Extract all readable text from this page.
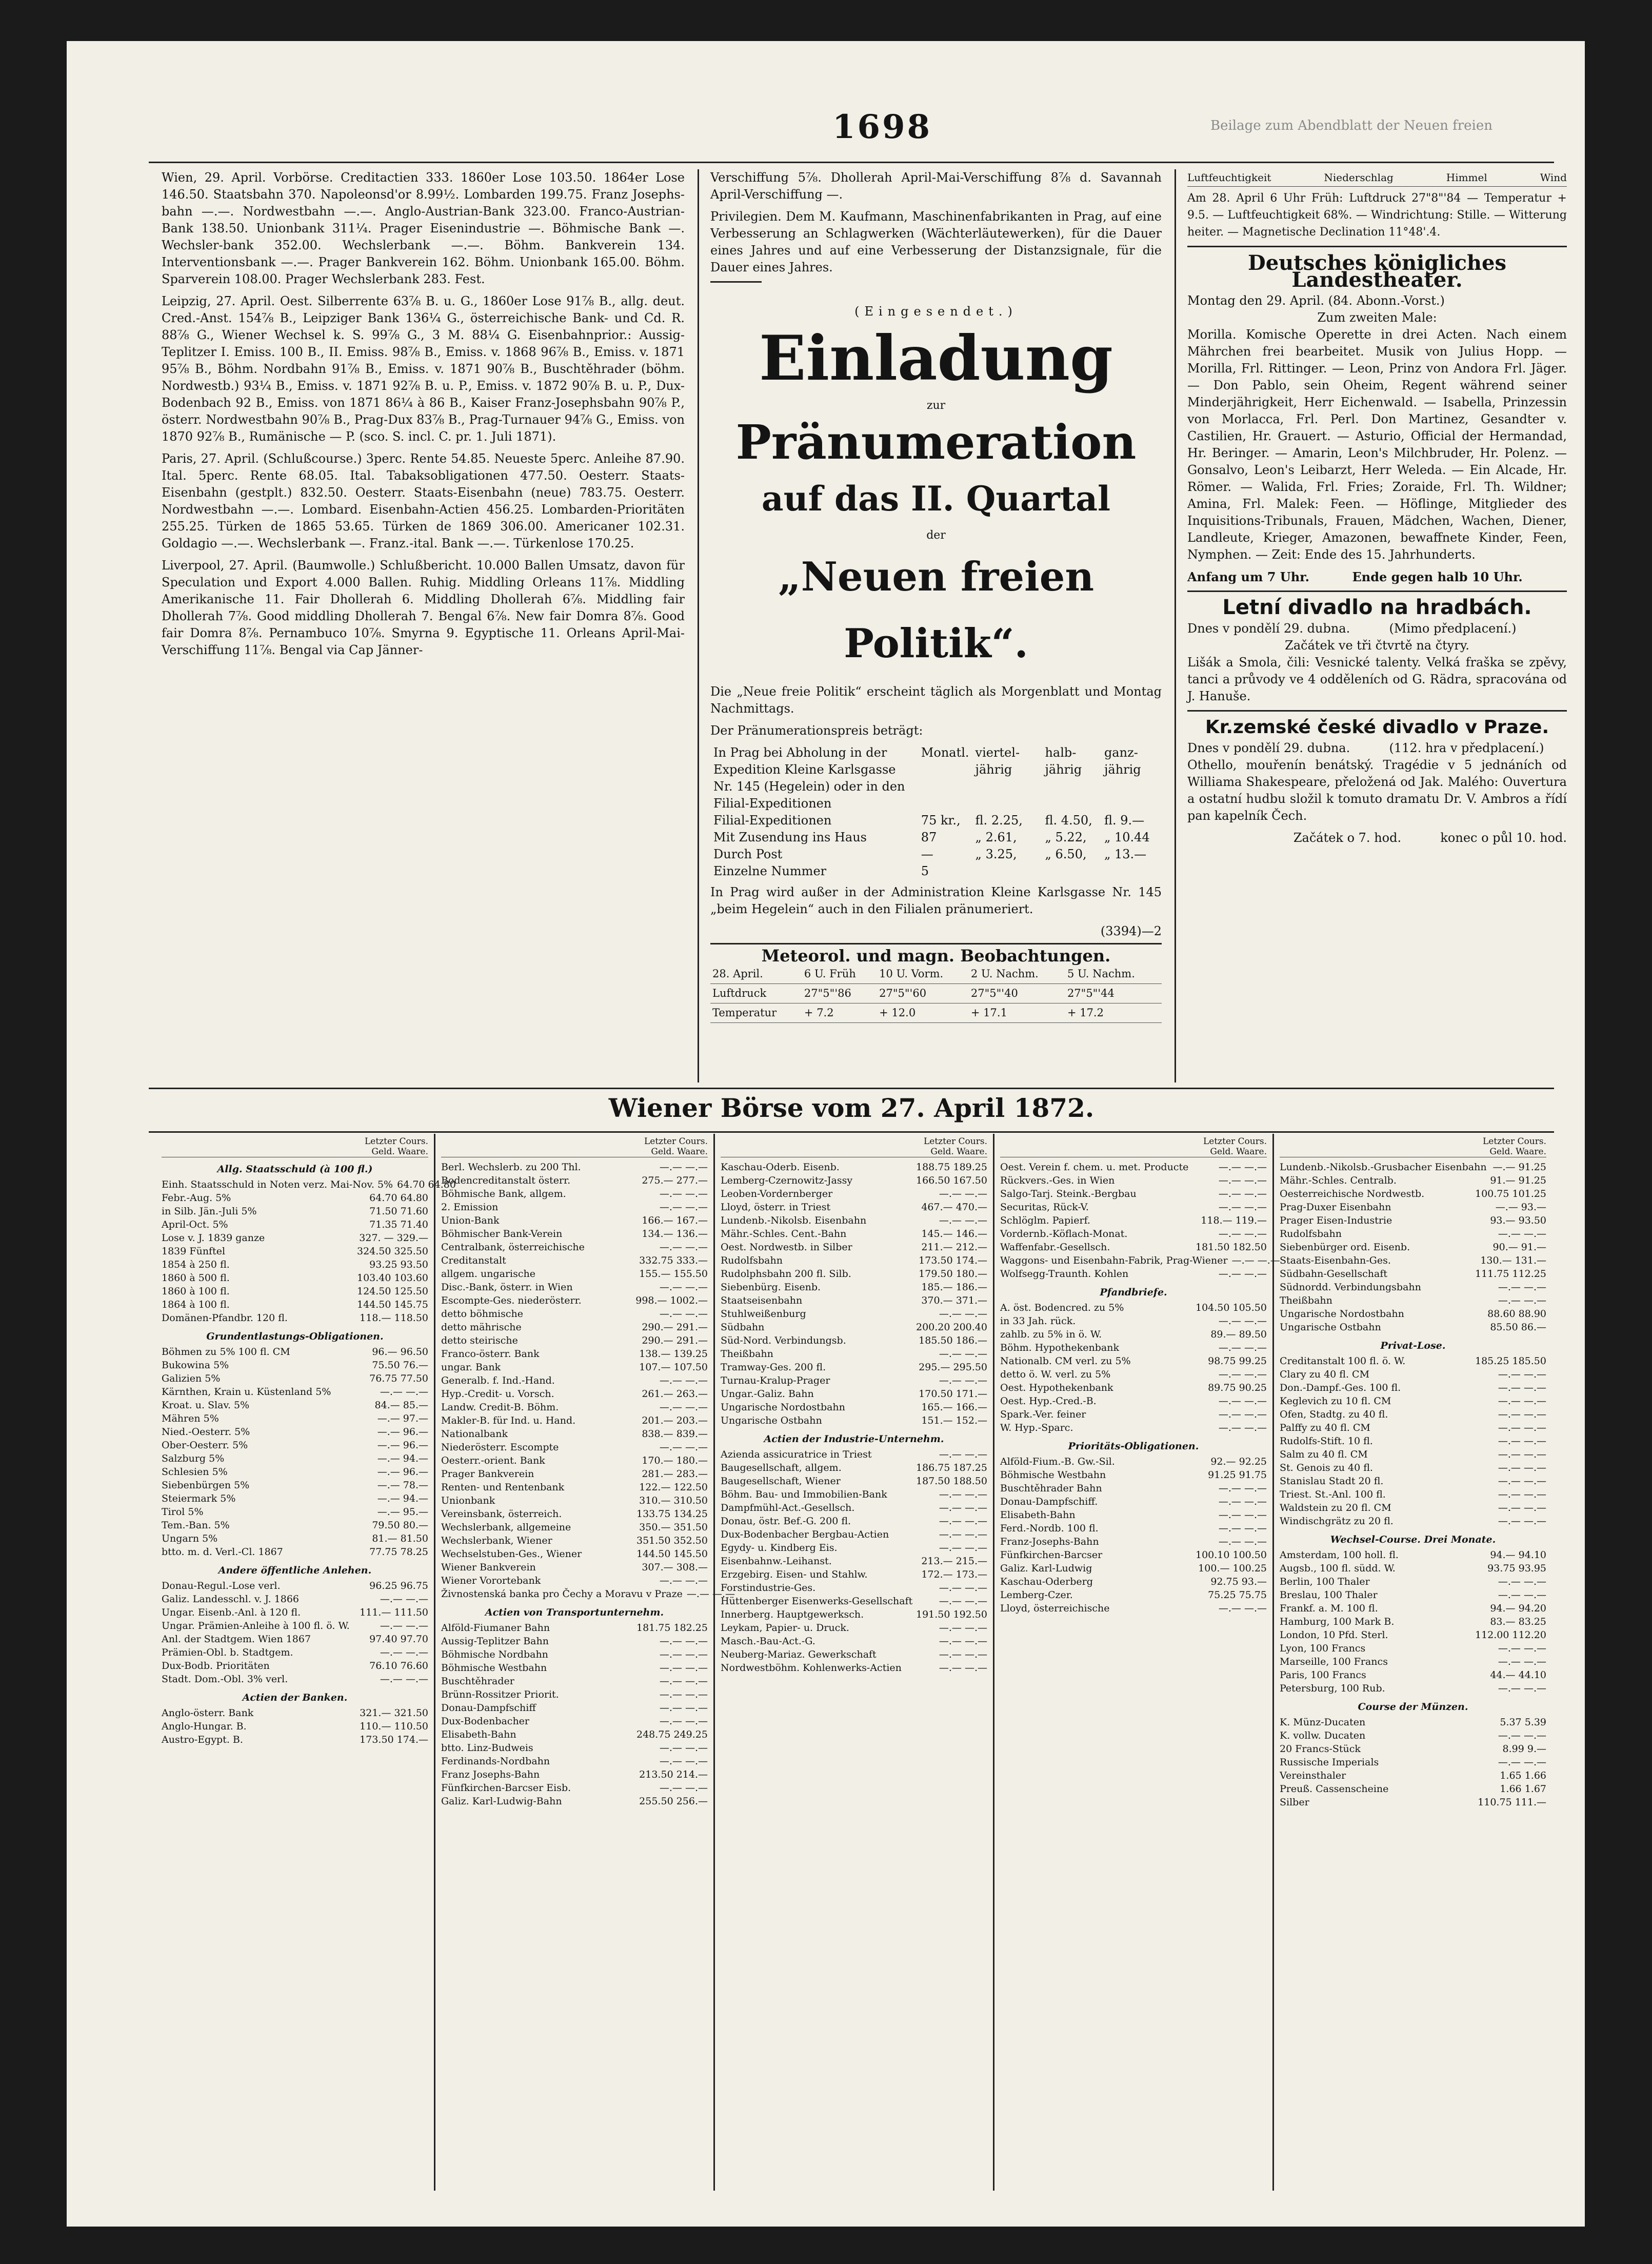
1698	Beilage zum Abendblatt der Neuen freien

Wien, 29. April. Vorbörse. Creditactien 333. 1860er Lose 103.50. 1864er Lose 146.50. Staatsbahn 370. Napoleonsd'or 8.99½. Lombarden 199.75. Franz Josephs-bahn —.—. Nordwestbahn —.—. Anglo-Austrian-Bank 323.00. Franco-Austrian-Bank 138.50. Unionbank 311¼. Prager Eisenindustrie —. Böhmische Bank —. Wechsler-bank 352.00. Wechslerbank —.—. Böhm. Bankverein 134. Interventionsbank —.—. Prager Bankverein 162. Böhm. Unionbank 165.00. Böhm. Sparverein 108.00. Prager Wechslerbank 283. Fest.

Leipzig, 27. April. Oest. Silberrente 63⅞ B. u. G., 1860er Lose 91⅞ B., allg. deut. Cred.-Anst. 154⅞ B., Leipziger Bank 136¼ G., österreichische Bank- und Cd. R. 88⅞ G., Wiener Wechsel k. S. 99⅞ G., 3 M. 88¼ G. Eisenbahnprior.: Aussig-Teplitzer I. Emiss. 100 B., II. Emiss. 98⅞ B., Emiss. v. 1868 96⅞ B., Emiss. v. 1871 95⅞ B., Böhm. Nordbahn 91⅞ B., Emiss. v. 1871 90⅞ B., Buschtěhrader (böhm. Nordwestb.) 93¼ B., Emiss. v. 1871 92⅞ B. u. P., Emiss. v. 1872 90⅞ B. u. P., Dux-Bodenbach 92 B., Emiss. von 1871 86¼ à 86 B., Kaiser Franz-Josephsbahn 90⅞ P., österr. Nordwestbahn 90⅞ B., Prag-Dux 83⅞ B., Prag-Turnauer 94⅞ G., Emiss. von 1870 92⅞ B., Rumänische — P. (sco. S. incl. C. pr. 1. Juli 1871).

Paris, 27. April. (Schlußcourse.) 3perc. Rente 54.85. Neueste 5perc. Anleihe 87.90. Ital. 5perc. Rente 68.05. Ital. Tabaksobligationen 477.50. Oesterr. Staats-Eisenbahn (gestplt.) 832.50. Oesterr. Staats-Eisenbahn (neue) 783.75. Oesterr. Nordwestbahn —.—. Lombard. Eisenbahn-Actien 456.25. Lombarden-Prioritäten 255.25. Türken de 1865 53.65. Türken de 1869 306.00. Americaner 102.31. Goldagio —.—. Wechslerbank —. Franz.-ital. Bank —.—. Türkenlose 170.25.

Liverpool, 27. April. (Baumwolle.) Schlußbericht. 10.000 Ballen Umsatz, davon für Speculation und Export 4.000 Ballen. Ruhig. Middling Orleans 11⅞. Middling Amerikanische 11. Fair Dhollerah 6. Middling Dhollerah 6⅞. Middling fair Dhollerah 7⅞. Good middling Dhollerah 7. Bengal 6⅞. New fair Domra 8⅞. Good fair Domra 8⅞. Pernambuco 10⅞. Smyrna 9. Egyptische 11. Orleans April-Mai-Verschiffung 11⅞. Bengal via Cap Jänner-

Verschiffung 5⅞. Dhollerah April-Mai-Verschiffung 8⅞ d. Savannah April-Verschiffung —.

Privilegien. Dem M. Kaufmann, Maschinenfabrikanten in Prag, auf eine Verbesserung an Schlagwerken (Wächterläutewerken), für die Dauer eines Jahres und auf eine Verbesserung der Distanzsignale, für die Dauer eines Jahres.

(Eingesendet.)
Einladung
zur
Pränumeration
auf das II. Quartal
der
„Neuen freien Politik“.

Die „Neue freie Politik“ erscheint täglich als Morgenblatt und Montag Nachmittags.

Der Pränumerationspreis beträgt:

In Prag bei Abholung in der Expedition Kleine Karlsgasse Nr. 145 (Hegelein) oder in den Filial-Expeditionen	Monatl.	viertel-jährig	halb-jährig	ganz-jährig
Filial-Expeditionen	75 kr.,	fl. 2.25,	fl. 4.50,	fl. 9.—
Mit Zusendung ins Haus	87	„ 2.61,	„ 5.22,	„ 10.44
Durch Post	—	„ 3.25,	„ 6.50,	„ 13.—
Einzelne Nummer	5			

In Prag wird außer in der Administration Kleine Karlsgasse Nr. 145 „beim Hegelein“ auch in den Filialen pränumeriert.

(3394)—2
Meteorol. und magn. Beobachtungen.
28. April.	6 U. Früh	10 U. Vorm.	2 U. Nachm.	5 U. Nachm.
Luftdruck	27"5"'86	27"5"'60	27"5"'40	27"5"'44
Temperatur	+ 7.2	+ 12.0	+ 17.1	+ 17.2
Luftfeuchtigkeit	Niederschlag	Himmel	Wind

Am 28. April 6 Uhr Früh: Luftdruck 27"8"'84 — Temperatur + 9.5. — Luftfeuchtigkeit 68%. — Windrichtung: Stille. — Witterung heiter. — Magnetische Declination 11°48'.4.

Deutsches königliches Landestheater.
Montag den 29. April. (84. Abonn.-Vorst.)
Zum zweiten Male:

Morilla. Komische Operette in drei Acten. Nach einem Mährchen frei bearbeitet. Musik von Julius Hopp. — Morilla, Frl. Rittinger. — Leon, Prinz von Andora Frl. Jäger. — Don Pablo, sein Oheim, Regent während seiner Minderjährigkeit, Herr Eichenwald. — Isabella, Prinzessin von Morlacca, Frl. Perl. Don Martinez, Gesandter v. Castilien, Hr. Grauert. — Asturio, Official der Hermandad, Hr. Beringer. — Amarin, Leon's Milchbruder, Hr. Polenz. — Gonsalvo, Leon's Leibarzt, Herr Weleda. — Ein Alcade, Hr. Römer. — Walida, Frl. Fries; Zoraide, Frl. Th. Wildner; Amina, Frl. Malek: Feen. — Höflinge, Mitglieder des Inquisitions-Tribunals, Frauen, Mädchen, Wachen, Diener, Landleute, Krieger, Amazonen, bewaffnete Kinder, Feen, Nymphen. — Zeit: Ende des 15. Jahrhunderts.

Anfang um 7 Uhr.          Ende gegen halb 10 Uhr.
Letní divadlo na hradbách.
Dnes v pondělí 29. dubna.          (Mimo předplacení.)
Začátek ve tři čtvrtě na čtyry.

Lišák a Smola, čili: Vesnické talenty. Velká fraška se zpěvy, tanci a průvody ve 4 odděleních od G. Rädra, spracována od J. Hanuše.

Kr.zemské české divadlo v Praze.
Dnes v pondělí 29. dubna.          (112. hra v předplacení.)

Othello, mouřenín benátský. Tragédie v 5 jednáních od Williama Shakespeare, přeložená od Jak. Malého: Ouvertura a ostatní hudbu složil k tomuto dramatu Dr. V. Ambros a řídí pan kapelník Čech.

Začátek o 7. hod.          konec o půl 10. hod.
Wiener Börse vom 27. April 1872.
Letzter Cours.
Geld. Waare.
Allg. Staatsschuld (à 100 fl.)
Einh. Staatsschuld in Noten verz. Mai-Nov. 5% 64.70 64.80
Febr.-Aug. 5%	64.70 64.80
in Silb. Jän.-Juli 5%	71.50 71.60
April-Oct. 5%	71.35 71.40
Lose v. J. 1839 ganze	327. — 329.—
1839 Fünftel	324.50 325.50
1854 à 250 fl.	93.25 93.50
1860 à 500 fl.	103.40 103.60
1860 à 100 fl.	124.50 125.50
1864 à 100 fl.	144.50 145.75
Domänen-Pfandbr. 120 fl.	118.— 118.50
Grundentlastungs-Obligationen.
Böhmen zu 5% 100 fl. CM	96.— 96.50
Bukowina 5%	75.50 76.—
Galizien 5%	76.75 77.50
Kärnthen, Krain u. Küstenland 5%	—.— —.—
Kroat. u. Slav. 5%	84.— 85.—
Mähren 5%	—.— 97.—
Nied.-Oesterr. 5%	—.— 96.—
Ober-Oesterr. 5%	—.— 96.—
Salzburg 5%	—.— 94.—
Schlesien 5%	—.— 96.—
Siebenbürgen 5%	—.— 78.—
Steiermark 5%	—.— 94.—
Tirol 5%	—.— 95.—
Tem.-Ban. 5%	79.50 80.—
Ungarn 5%	81.— 81.50
btto. m. d. Verl.-Cl. 1867	77.75 78.25
Andere öffentliche Anlehen.
Donau-Regul.-Lose verl.	96.25 96.75
Galiz. Landesschl. v. J. 1866	—.— —.—
Ungar. Eisenb.-Anl. à 120 fl.	111.— 111.50
Ungar. Prämien-Anleihe à 100 fl. ö. W.	—.— —.—
Anl. der Stadtgem. Wien 1867	97.40 97.70
Prämien-Obl. b. Stadtgem.	—.— —.—
Dux-Bodb. Prioritäten	76.10 76.60
Stadt. Dom.-Obl. 3% verl.	—.— —.—
Actien der Banken.
Anglo-österr. Bank	321.— 321.50
Anglo-Hungar. B.	110.— 110.50
Austro-Egypt. B.	173.50 174.—
Letzter Cours.
Geld. Waare.
Berl. Wechslerb. zu 200 Thl.	—.— —.—
Bodencreditanstalt österr.	275.— 277.—
Böhmische Bank, allgem.	—.— —.—
2. Emission	—.— —.—
Union-Bank	166.— 167.—
Böhmischer Bank-Verein	134.— 136.—
Centralbank, österreichische	—.— —.—
Creditanstalt	332.75 333.—
allgem. ungarische	155.— 155.50
Disc.-Bank, österr. in Wien	—.— —.—
Escompte-Ges. niederösterr.	998.— 1002.—
detto böhmische	—.— —.—
detto mährische	290.— 291.—
detto steirische	290.— 291.—
Franco-österr. Bank	138.— 139.25
ungar. Bank	107.— 107.50
Generalb. f. Ind.-Hand.	—.— —.—
Hyp.-Credit- u. Vorsch.	261.— 263.—
Landw. Credit-B. Böhm.	—.— —.—
Makler-B. für Ind. u. Hand.	201.— 203.—
Nationalbank	838.— 839.—
Niederösterr. Escompte	—.— —.—
Oesterr.-orient. Bank	170.— 180.—
Prager Bankverein	281.— 283.—
Renten- und Rentenbank	122.— 122.50
Unionbank	310.— 310.50
Vereinsbank, österreich.	133.75 134.25
Wechslerbank, allgemeine	350.— 351.50
Wechslerbank, Wiener	351.50 352.50
Wechselstuben-Ges., Wiener	144.50 145.50
Wiener Bankverein	307.— 308.—
Wiener Vorortebank	—.— —.—
Živnostenská banka pro Čechy a Moravu v Praze —.— —.—
Actien von Transportunternehm.
Alföld-Fiumaner Bahn	181.75 182.25
Aussig-Teplitzer Bahn	—.— —.—
Böhmische Nordbahn	—.— —.—
Böhmische Westbahn	—.— —.—
Buschtěhrader	—.— —.—
Brünn-Rossitzer Priorit.	—.— —.—
Donau-Dampfschiff	—.— —.—
Dux-Bodenbacher	—.— —.—
Elisabeth-Bahn	248.75 249.25
btto. Linz-Budweis	—.— —.—
Ferdinands-Nordbahn	—.— —.—
Franz Josephs-Bahn	213.50 214.—
Fünfkirchen-Barcser Eisb.	—.— —.—
Galiz. Karl-Ludwig-Bahn	255.50 256.—
Letzter Cours.
Geld. Waare.
Kaschau-Oderb. Eisenb.	188.75 189.25
Lemberg-Czernowitz-Jassy	166.50 167.50
Leoben-Vordernberger	—.— —.—
Lloyd, österr. in Triest	467.— 470.—
Lundenb.-Nikolsb. Eisenbahn	—.— —.—
Mähr.-Schles. Cent.-Bahn	145.— 146.—
Oest. Nordwestb. in Silber	211.— 212.—
Rudolfsbahn	173.50 174.—
Rudolphsbahn 200 fl. Silb.	179.50 180.—
Siebenbürg. Eisenb.	185.— 186.—
Staatseisenbahn	370.— 371.—
Stuhlweißenburg	—.— —.—
Südbahn	200.20 200.40
Süd-Nord. Verbindungsb.	185.50 186.—
Theißbahn	—.— —.—
Tramway-Ges. 200 fl.	295.— 295.50
Turnau-Kralup-Prager	—.— —.—
Ungar.-Galiz. Bahn	170.50 171.—
Ungarische Nordostbahn	165.— 166.—
Ungarische Ostbahn	151.— 152.—
Actien der Industrie-Unternehm.
Azienda assicuratrice in Triest	—.— —.—
Baugesellschaft, allgem.	186.75 187.25
Baugesellschaft, Wiener	187.50 188.50
Böhm. Bau- und Immobilien-Bank	—.— —.—
Dampfmühl-Act.-Gesellsch.	—.— —.—
Donau, östr. Bef.-G. 200 fl.	—.— —.—
Dux-Bodenbacher Bergbau-Actien	—.— —.—
Egydy- u. Kindberg Eis.	—.— —.—
Eisenbahnw.-Leihanst.	213.— 215.—
Erzgebirg. Eisen- und Stahlw.	172.— 173.—
Forstindustrie-Ges.	—.— —.—
Hüttenberger Eisenwerks-Gesellschaft	—.— —.—
Innerberg. Hauptgewerksch.	191.50 192.50
Leykam, Papier- u. Druck.	—.— —.—
Masch.-Bau-Act.-G.	—.— —.—
Neuberg-Mariaz. Gewerkschaft	—.— —.—
Nordwestböhm. Kohlenwerks-Actien	—.— —.—
Letzter Cours.
Geld. Waare.
Oest. Verein f. chem. u. met. Producte	—.— —.—
Rückvers.-Ges. in Wien	—.— —.—
Salgo-Tarj. Steink.-Bergbau	—.— —.—
Securitas, Rück-V.	—.— —.—
Schlöglm. Papierf.	118.— 119.—
Vordernb.-Köflach-Monat.	—.— —.—
Waffenfabr.-Gesellsch.	181.50 182.50
Waggons- und Eisenbahn-Fabrik, Prag-Wiener —.— —.—
Wolfsegg-Traunth. Kohlen	—.— —.—
Pfandbriefe.
A. öst. Bodencred. zu 5%	104.50 105.50
in 33 Jah. rück.	—.— —.—
zahlb. zu 5% in ö. W.	89.— 89.50
Böhm. Hypothekenbank	—.— —.—
Nationalb. CM verl. zu 5%	98.75 99.25
detto ö. W. verl. zu 5%	—.— —.—
Oest. Hypothekenbank	89.75 90.25
Oest. Hyp.-Cred.-B.	—.— —.—
Spark.-Ver. feiner	—.— —.—
W. Hyp.-Sparc.	—.— —.—
Prioritäts-Obligationen.
Alföld-Fium.-B. Gw.-Sil.	92.— 92.25
Böhmische Westbahn	91.25 91.75
Buschtěhrader Bahn	—.— —.—
Donau-Dampfschiff.	—.— —.—
Elisabeth-Bahn	—.— —.—
Ferd.-Nordb. 100 fl.	—.— —.—
Franz-Josephs-Bahn	—.— —.—
Fünfkirchen-Barcser	100.10 100.50
Galiz. Karl-Ludwig	100.— 100.25
Kaschau-Oderberg	92.75 93.—
Lemberg-Czer.	75.25 75.75
Lloyd, österreichische	—.— —.—
Letzter Cours.
Geld. Waare.
Lundenb.-Nikolsb.-Grusbacher Eisenbahn —.— 91.25
Mähr.-Schles. Centralb.	91.— 91.25
Oesterreichische Nordwestb.	100.75 101.25
Prag-Duxer Eisenbahn	—.— 93.—
Prager Eisen-Industrie	93.— 93.50
Rudolfsbahn	—.— —.—
Siebenbürger ord. Eisenb.	90.— 91.—
Staats-Eisenbahn-Ges.	130.— 131.—
Südbahn-Gesellschaft	111.75 112.25
Südnordd. Verbindungsbahn	—.— —.—
Theißbahn	—.— —.—
Ungarische Nordostbahn	88.60 88.90
Ungarische Ostbahn	85.50 86.—
Privat-Lose.
Creditanstalt 100 fl. ö. W.	185.25 185.50
Clary zu 40 fl. CM	—.— —.—
Don.-Dampf.-Ges. 100 fl.	—.— —.—
Keglevich zu 10 fl. CM	—.— —.—
Ofen, Stadtg. zu 40 fl.	—.— —.—
Palffy zu 40 fl. CM	—.— —.—
Rudolfs-Stift. 10 fl.	—.— —.—
Salm zu 40 fl. CM	—.— —.—
St. Genois zu 40 fl.	—.— —.—
Stanislau Stadt 20 fl.	—.— —.—
Triest. St.-Anl. 100 fl.	—.— —.—
Waldstein zu 20 fl. CM	—.— —.—
Windischgrätz zu 20 fl.	—.— —.—
Wechsel-Course. Drei Monate.
Amsterdam, 100 holl. fl.	94.— 94.10
Augsb., 100 fl. südd. W.	93.75 93.95
Berlin, 100 Thaler	—.— —.—
Breslau, 100 Thaler	—.— —.—
Frankf. a. M. 100 fl.	94.— 94.20
Hamburg, 100 Mark B.	83.— 83.25
London, 10 Pfd. Sterl.	112.00 112.20
Lyon, 100 Francs	—.— —.—
Marseille, 100 Francs	—.— —.—
Paris, 100 Francs	44.— 44.10
Petersburg, 100 Rub.	—.— —.—
Course der Münzen.
K. Münz-Ducaten	5.37 5.39
K. vollw. Ducaten	—.— —.—
20 Francs-Stück	8.99 9.—
Russische Imperials	—.— —.—
Vereinsthaler	1.65 1.66
Preuß. Cassenscheine	1.66 1.67
Silber	110.75 111.—
